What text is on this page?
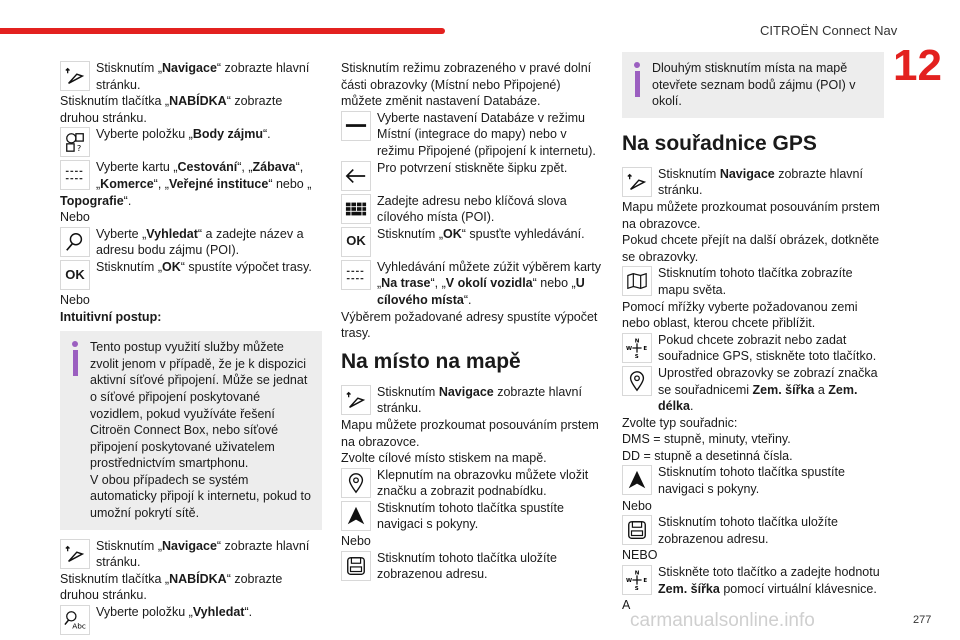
CITROËN Connect Nav
12

Stisknutím „Navigace“ zobrazte hlavní stránku.

Stisknutím tlačítka „NABÍDKA“ zobrazte druhou stránku.

?

Vyberte položku „Body zájmu“.

Vyberte kartu „Cestování“, „Zábava“, „Komerce“, „Veřejné instituce“ nebo „

Topografie“.

Nebo

Vyberte „Vyhledat“ a zadejte název a adresu bodu zájmu (POI).

OK Stisknutím „OK“ spustíte výpočet trasy.

Nebo

Intuitivní postup:

Tento postup využití služby můžete zvolit jenom v případě, že je k dispozici aktivní síťové připojení. Může se jednat o síťové připojení poskytované vozidlem, pokud využíváte řešení Citroën Connect Box, nebo síťové připojení poskytované uživatelem prostřednictvím smartphonu.

V obou případech se systém automaticky připojí k internetu, pokud to umožní pokrytí sítě.

Stisknutím „Navigace“ zobrazte hlavní stránku.

Stisknutím tlačítka „NABÍDKA“ zobrazte druhou stránku.

Abc

Vyberte položku „Vyhledat“.

Stisknutím režimu zobrazeného v pravé dolní části obrazovky (Místní nebo Připojené) můžete změnit nastavení Databáze.

Vyberte nastavení Databáze v režimu Místní (integrace do mapy) nebo v režimu Připojené (připojení k internetu).

Pro potvrzení stiskněte šipku zpět.

Zadejte adresu nebo klíčová slova cílového místa (POI).

OK Stisknutím „OK“ spusťte vyhledávání.

Vyhledávání můžete zúžit výběrem karty „Na trase“, „V okolí vozidla“ nebo „U cílového místa“.

Výběrem požadované adresy spustíte výpočet trasy.

Na místo na mapě

Stisknutím Navigace zobrazte hlavní stránku.

Mapu můžete prozkoumat posouváním prstem na obrazovce.

Zvolte cílové místo stiskem na mapě.

Klepnutím na obrazovku můžete vložit značku a zobrazit podnabídku.

Stisknutím tohoto tlačítka spustíte navigaci s pokyny.

Nebo

Stisknutím tohoto tlačítka uložíte zobrazenou adresu.

Dlouhým stisknutím místa na mapě otevřete seznam bodů zájmu (POI) v okolí.

Na souřadnice GPS

Stisknutím Navigace zobrazte hlavní stránku.

Mapu můžete prozkoumat posouváním prstem na obrazovce.

Pokud chcete přejít na další obrázek, dotkněte se obrazovky.

Stisknutím tohoto tlačítka zobrazíte mapu světa.

Pomocí mřížky vyberte požadovanou zemi nebo oblast, kterou chcete přiblížit.

N
S
W E

Pokud chcete zobrazit nebo zadat souřadnice GPS, stiskněte toto tlačítko.

Uprostřed obrazovky se zobrazí značka se souřadnicemi Zem. šířka a Zem. délka.

Zvolte typ souřadnic:

DMS = stupně, minuty, vteřiny.

DD = stupně a desetinná čísla.

Stisknutím tohoto tlačítka spustíte navigaci s pokyny.

Nebo

Stisknutím tohoto tlačítka uložíte zobrazenou adresu.

NEBO

N
S
W E

Stiskněte toto tlačítko a zadejte hodnotu Zem. šířka pomocí virtuální klávesnice.

A

carmanualsonline.info	277
